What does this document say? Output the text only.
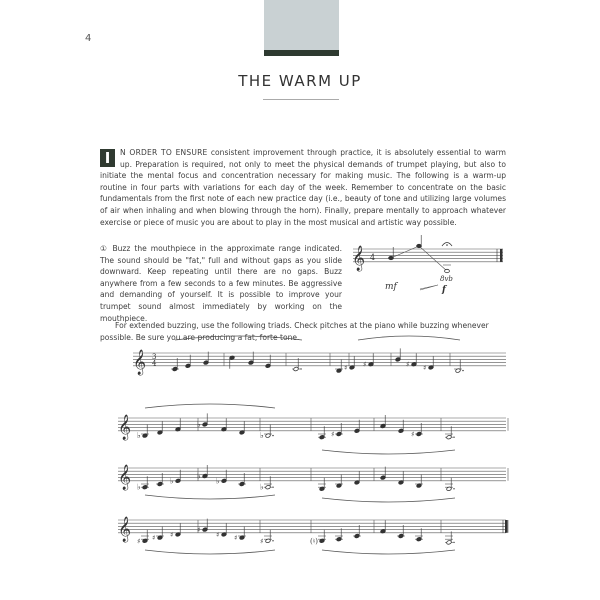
4
THE WARM UP
I	N ORDER TO ENSURE consistent improvement through practice, it is absolutely essential to warm up. Preparation is required, not only to meet the physical demands of trumpet playing, but also to initiate the mental focus and concentration necessary for making music. The following is a warm-up routine in four parts with variations for each day of the week. Remember to concentrate on the basic fundamentals from the first note of each new practice day (i.e., beauty of tone and utilizing large volumes of air when inhaling and when blowing through the horn). Finally, prepare mentally to approach whatever exercise or piece of music you are about to play in the most musical and artistic way possible.
① Buzz the mouthpiece in the approximate range indicated. The sound should be "fat," full and without gaps as you slide downward. Keep repeating until there are no gaps. Buzz anywhere from a few seconds to a few minutes. Be aggressive and demanding of yourself. It is possible to improve your trumpet sound almost immediately by working on the mouthpiece.
For extended buzzing, use the following triads. Check pitches at the piano while buzzing whenever possible. Be sure you are producing a fat, forte tone.
𝄞 4
mf
8vb
f
𝄞 3
4
♯ ♯	♯ ♯
𝄞 ♭
♭
♭	♯	♯
𝄞 ♭
♭
♭
♭
♭
𝄞 ♯ ♯ ♯
♯
♯ ♯	♯	(♮)
